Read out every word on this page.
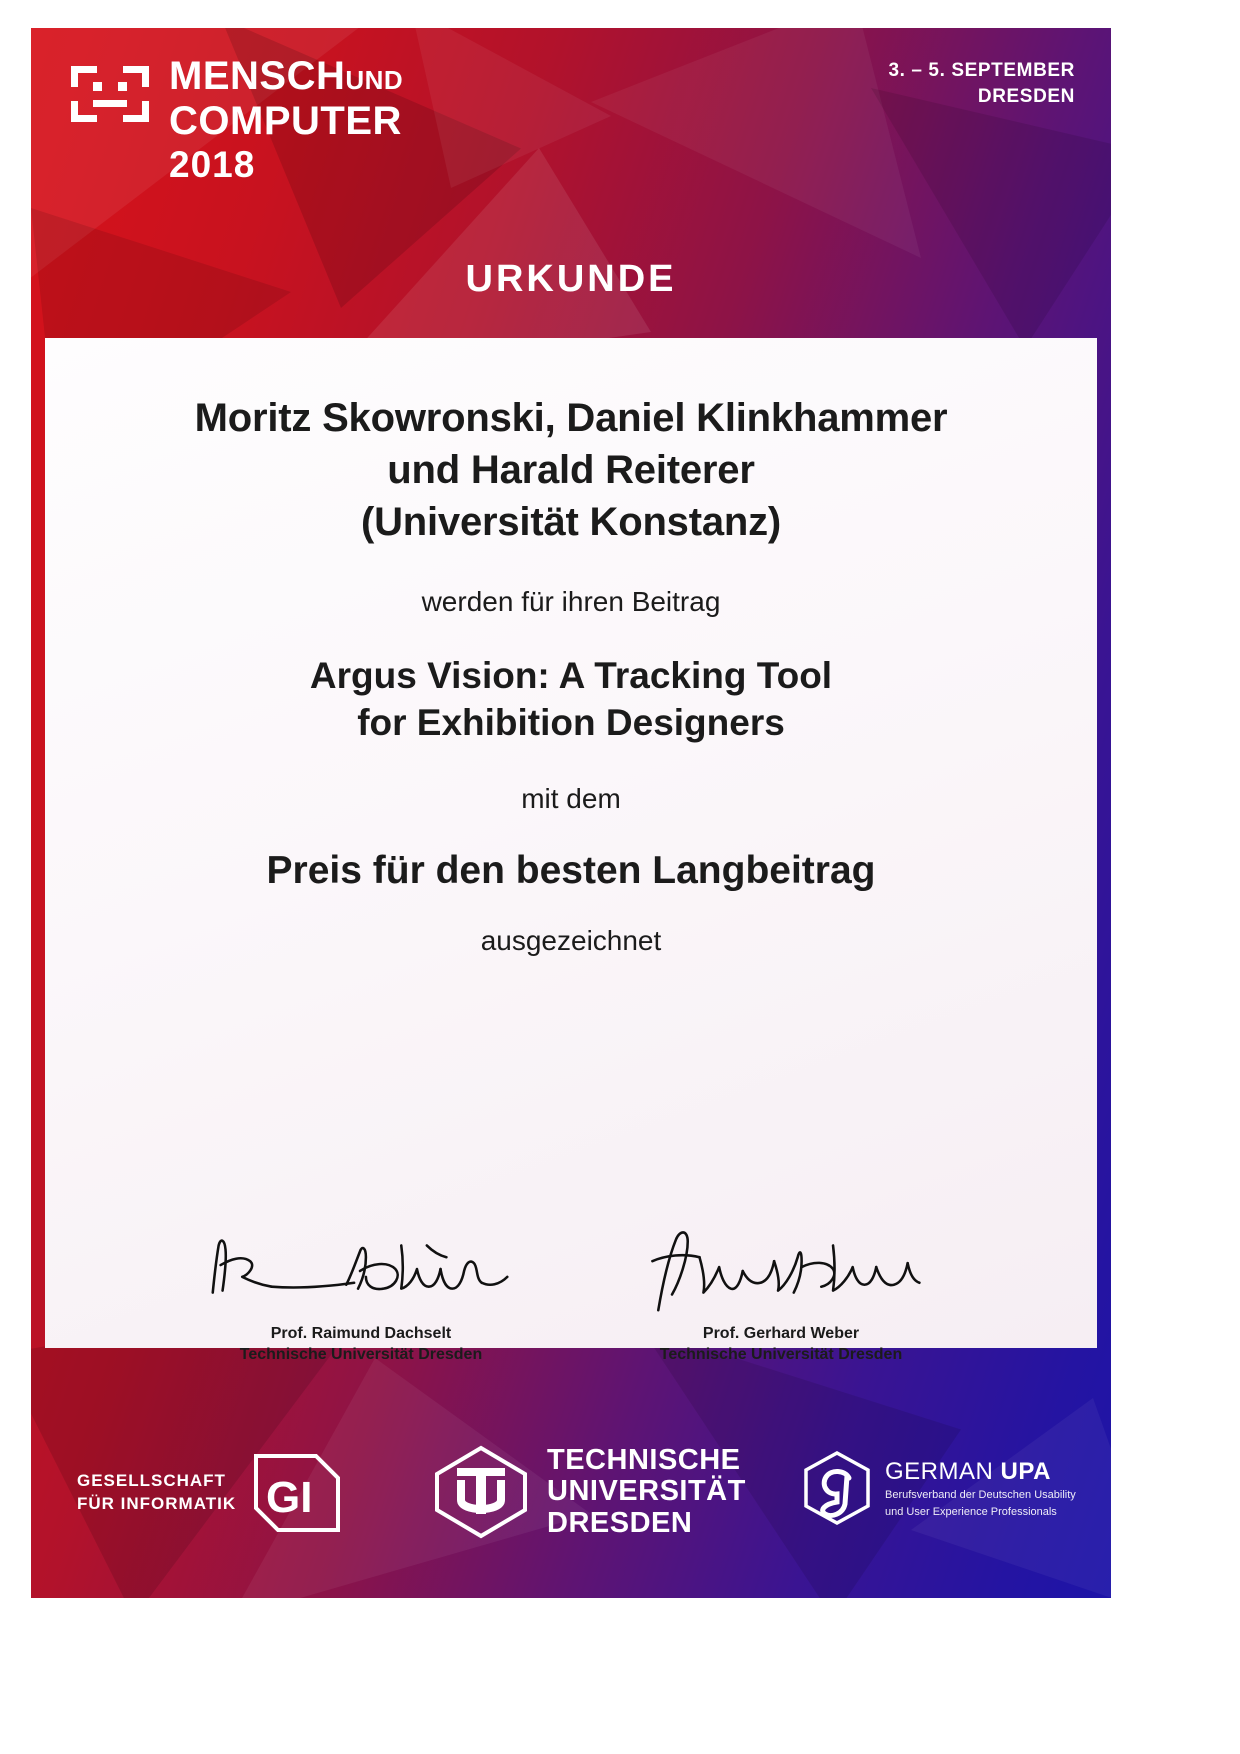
MENSCHUND
COMPUTER
2018
3. – 5. SEPTEMBER
DRESDEN
URKUNDE
Moritz Skowronski, Daniel Klinkhammer
und Harald Reiterer
(Universität Konstanz)
werden für ihren Beitrag
Argus Vision: A Tracking Tool
for Exhibition Designers
mit dem
Preis für den besten Langbeitrag
ausgezeichnet
Prof. Raimund Dachselt
Technische Universität Dresden
Prof. Gerhard Weber
Technische Universität Dresden
GESELLSCHAFT
FÜR INFORMATIK GI
TECHNISCHE
UNIVERSITÄT
DRESDEN
GERMAN UPA
Berufsverband der Deutschen Usability
und User Experience Professionals
